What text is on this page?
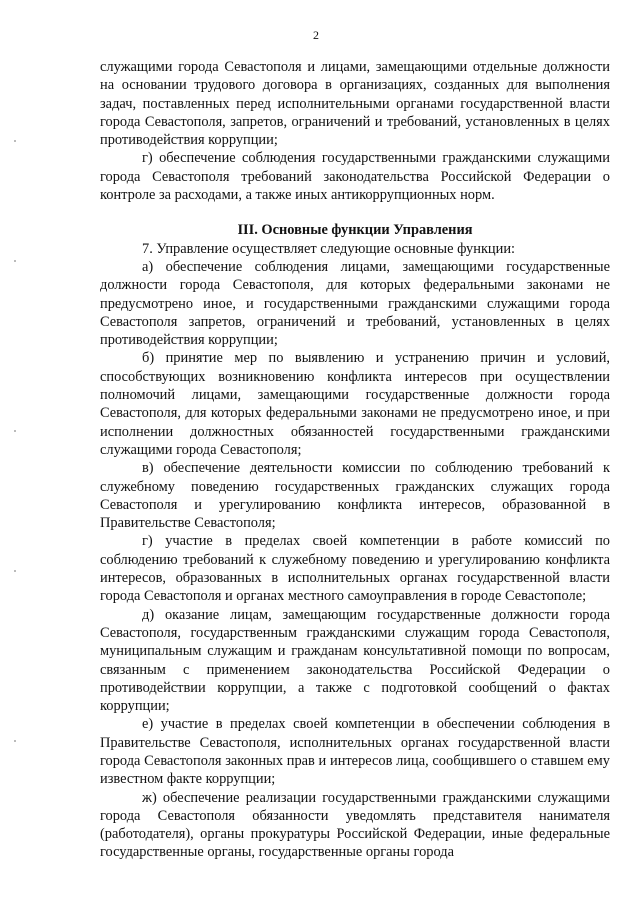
2

служащими города Севастополя и лицами, замещающими отдельные должности на основании трудового договора в организациях, созданных для выполнения задач, поставленных перед исполнительными органами государственной власти города Севастополя, запретов, ограничений и требований, установленных в целях противодействия коррупции;

г) обеспечение соблюдения государственными гражданскими служащими города Севастополя требований законодательства Российской Федерации о контроле за расходами, а также иных антикоррупционных норм.

III. Основные функции Управления

7. Управление осуществляет следующие основные функции:

а) обеспечение соблюдения лицами, замещающими государственные должности города Севастополя, для которых федеральными законами не предусмотрено иное, и государственными гражданскими служащими города Севастополя запретов, ограничений и требований, установленных в целях противодействия коррупции;

б) принятие мер по выявлению и устранению причин и условий, способствующих возникновению конфликта интересов при осуществлении полномочий лицами, замещающими государственные должности города Севастополя, для которых федеральными законами не предусмотрено иное, и при исполнении должностных обязанностей государственными гражданскими служащими города Севастополя;

в) обеспечение деятельности комиссии по соблюдению требований к служебному поведению государственных гражданских служащих города Севастополя и урегулированию конфликта интересов, образованной в Правительстве Севастополя;

г) участие в пределах своей компетенции в работе комиссий по соблюдению требований к служебному поведению и урегулированию конфликта интересов, образованных в исполнительных органах государственной власти города Севастополя и органах местного самоуправления в городе Севастополе;

д) оказание лицам, замещающим государственные должности города Севастополя, государственным гражданскими служащим города Севастополя, муниципальным служащим и гражданам консультативной помощи по вопросам, связанным с применением законодательства Российской Федерации о противодействии коррупции, а также с подготовкой сообщений о фактах коррупции;

е) участие в пределах своей компетенции в обеспечении соблюдения в Правительстве Севастополя, исполнительных органах государственной власти города Севастополя законных прав и интересов лица, сообщившего о ставшем ему известном факте коррупции;

ж) обеспечение реализации государственными гражданскими служащими города Севастополя обязанности уведомлять представителя нанимателя (работодателя), органы прокуратуры Российской Федерации, иные федеральные государственные органы, государственные органы города
